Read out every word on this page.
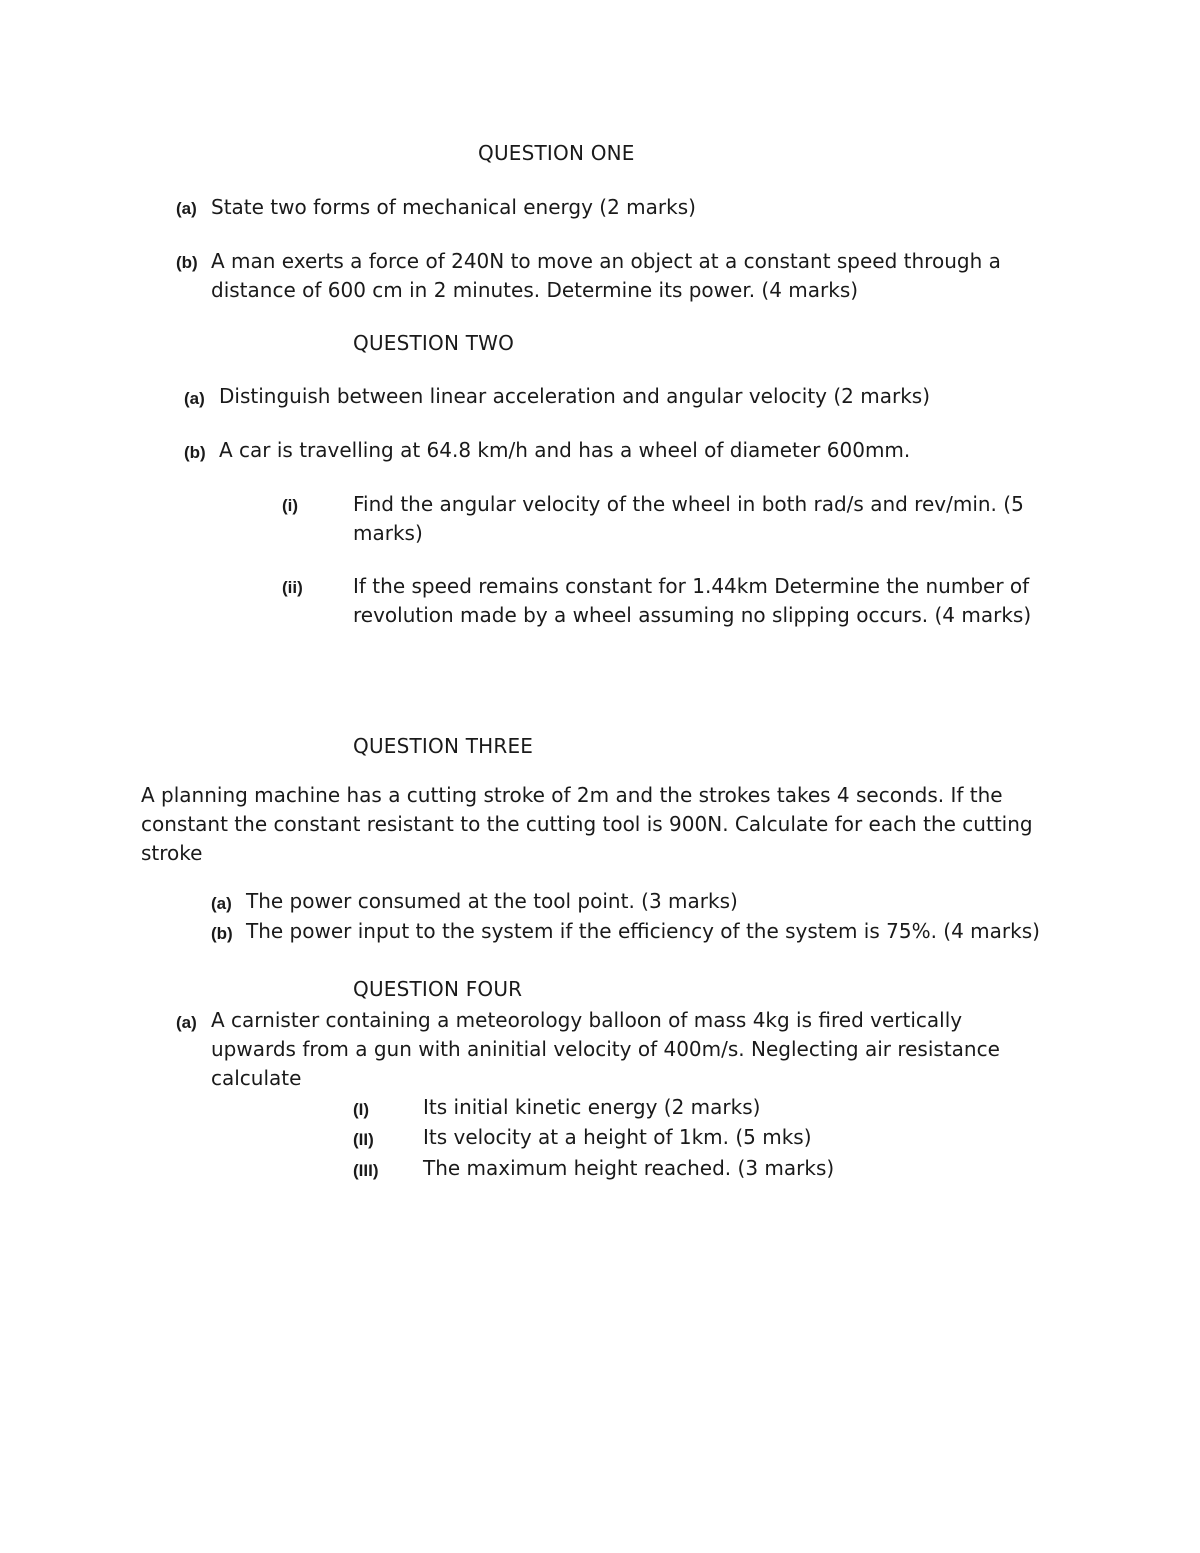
QUESTION ONE
(a) State two forms of mechanical energy (2 marks)
(b) A man exerts a force of 240N to move an object at a constant speed through a distance of 600 cm in 2 minutes. Determine its power. (4 marks)
QUESTION TWO
(a) Distinguish between linear acceleration and angular velocity (2 marks)
(b) A car is travelling at 64.8 km/h and has a wheel of diameter 600mm.
(i)	Find the angular velocity of the wheel in both rad/s and rev/min. (5 marks)
(ii)	If the speed remains constant for 1.44km Determine the number of revolution made by a wheel assuming no slipping occurs. (4 marks)
QUESTION THREE
A planning machine has a cutting stroke of 2m and the strokes takes 4 seconds. If the constant the constant resistant to the cutting tool is 900N. Calculate for each the cutting stroke
(a) The power consumed at the tool point. (3 marks)
(b) The power input to the system if the efficiency of the system is 75%. (4 marks)
QUESTION FOUR
(a) A carnister containing a meteorology balloon of mass 4kg is fired vertically upwards from a gun with aninitial velocity of 400m/s. Neglecting air resistance calculate
(I)	Its initial kinetic energy (2 marks)
(II) Its velocity at a height of 1km. (5 mks)
(III) The maximum height reached. (3 marks)
